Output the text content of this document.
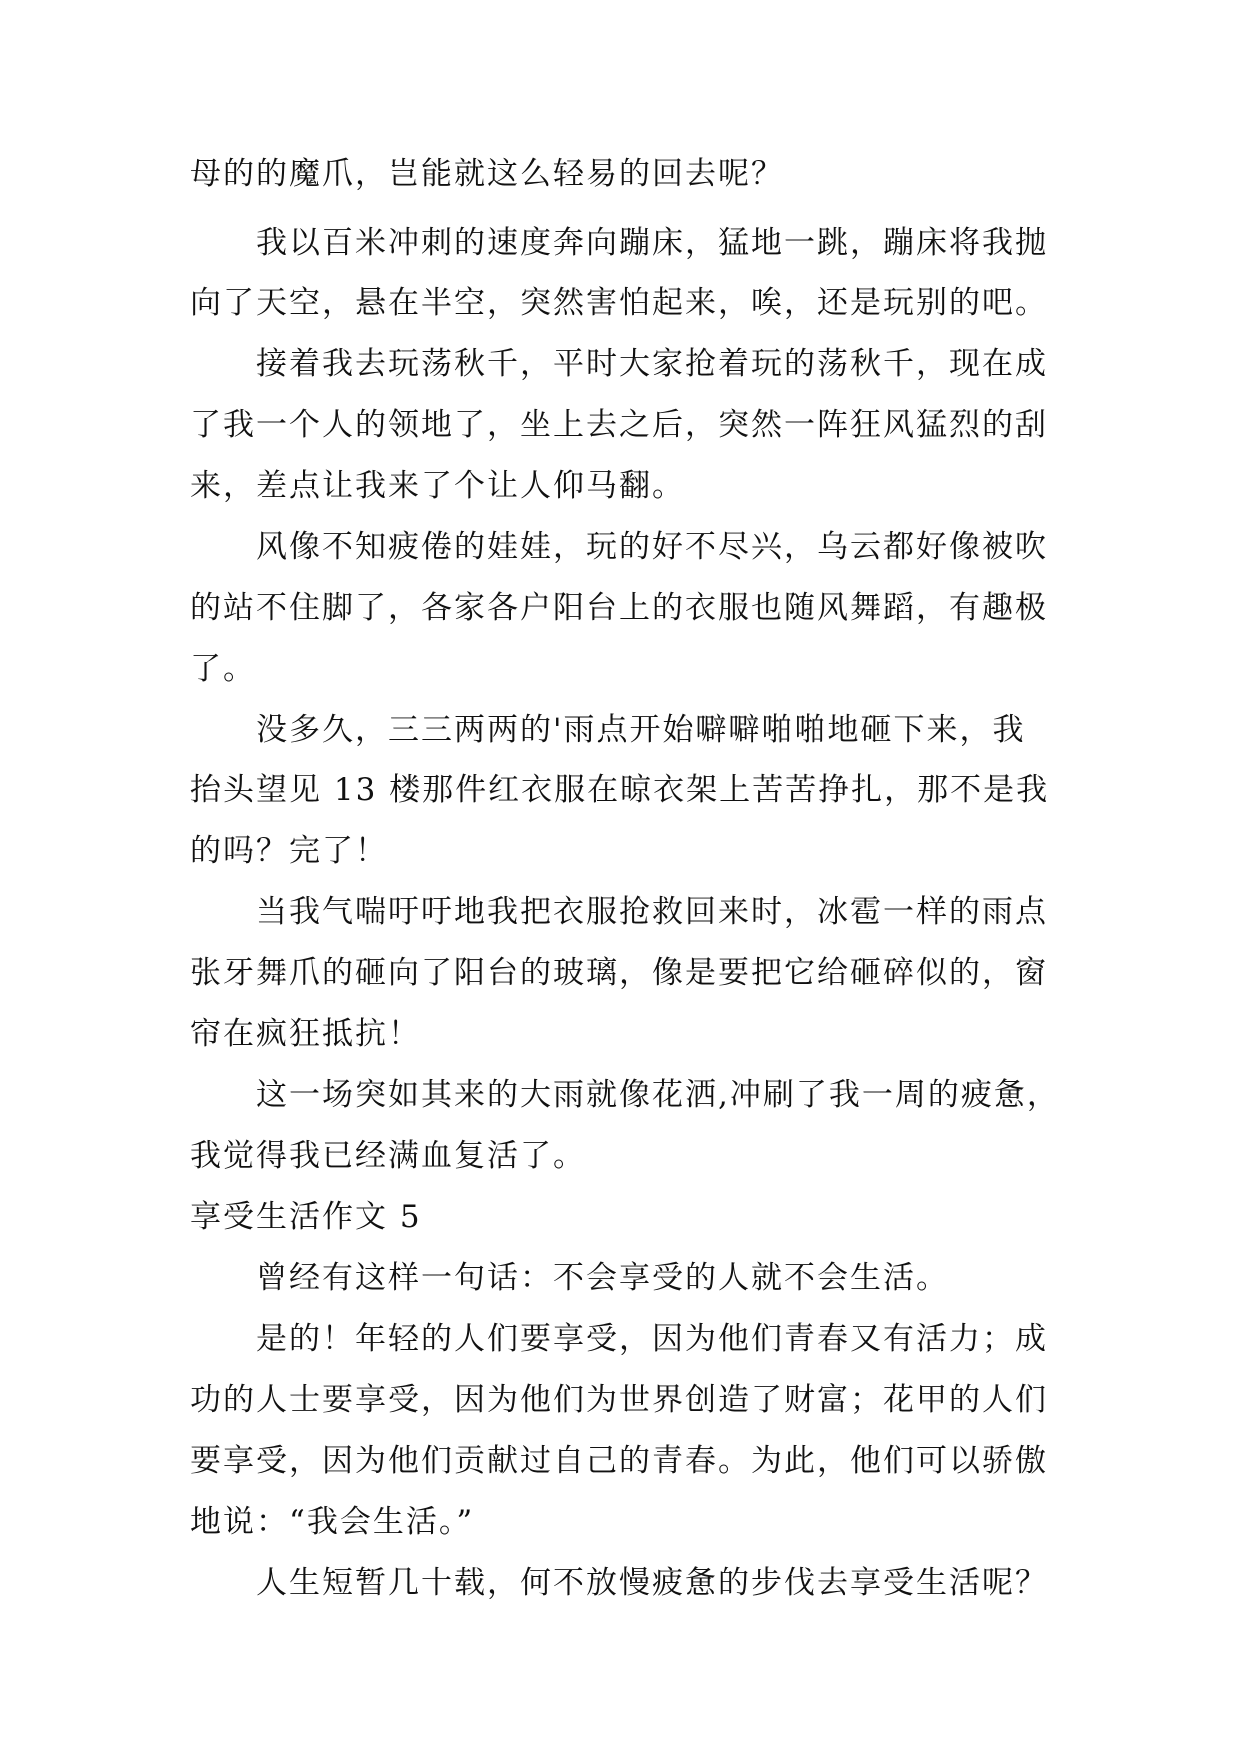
母的的魔爪，岂能就这么轻易的回去呢？
我以百米冲刺的速度奔向蹦床，猛地一跳，蹦床将我抛
向了天空，悬在半空，突然害怕起来，唉，还是玩别的吧。
接着我去玩荡秋千，平时大家抢着玩的荡秋千，现在成
了我一个人的领地了，坐上去之后，突然一阵狂风猛烈的刮
来，差点让我来了个让人仰马翻。
风像不知疲倦的娃娃，玩的好不尽兴，乌云都好像被吹
的站不住脚了，各家各户阳台上的衣服也随风舞蹈，有趣极
了。
没多久，三三两两的'雨点开始噼噼啪啪地砸下来，我
抬头望见 13 楼那件红衣服在晾衣架上苦苦挣扎，那不是我
的吗？完了！
当我气喘吁吁地我把衣服抢救回来时，冰雹一样的雨点
张牙舞爪的砸向了阳台的玻璃，像是要把它给砸碎似的，窗
帘在疯狂抵抗！
这一场突如其来的大雨就像花洒,冲刷了我一周的疲惫，
我觉得我已经满血复活了。
享受生活作文 5
曾经有这样一句话：不会享受的人就不会生活。
是的！年轻的人们要享受，因为他们青春又有活力；成
功的人士要享受，因为他们为世界创造了财富；花甲的人们
要享受，因为他们贡献过自己的青春。为此，他们可以骄傲
地说：“我会生活。”
人生短暂几十载，何不放慢疲惫的步伐去享受生活呢？
